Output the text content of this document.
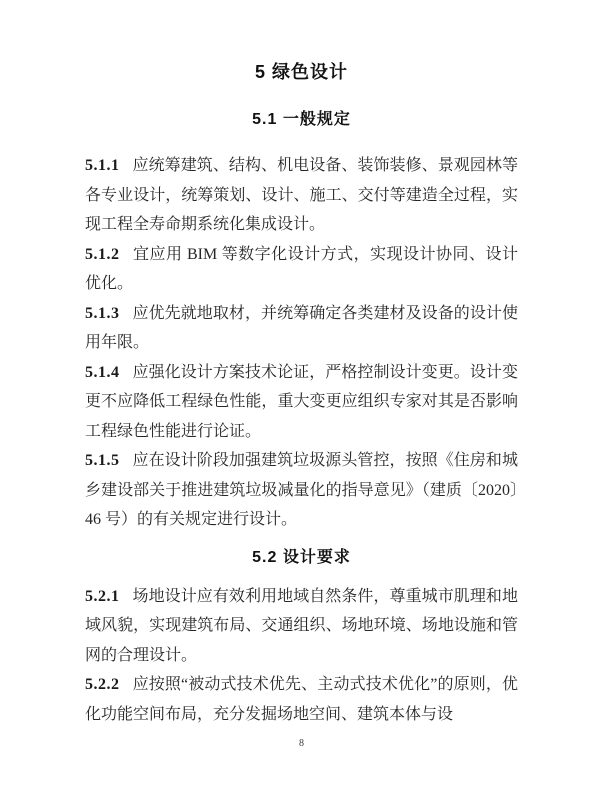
5 绿色设计
5.1 一般规定

5.1.1 应统筹建筑、结构、机电设备、装饰装修、景观园林等各专业设计，统筹策划、设计、施工、交付等建造全过程，实现工程全寿命期系统化集成设计。

5.1.2 宜应用 BIM 等数字化设计方式，实现设计协同、设计优化。

5.1.3 应优先就地取材，并统筹确定各类建材及设备的设计使用年限。

5.1.4 应强化设计方案技术论证，严格控制设计变更。设计变更不应降低工程绿色性能，重大变更应组织专家对其是否影响工程绿色性能进行论证。

5.1.5 应在设计阶段加强建筑垃圾源头管控，按照《住房和城乡建设部关于推进建筑垃圾减量化的指导意见》（建质〔2020〕46 号）的有关规定进行设计。

5.2 设计要求

5.2.1 场地设计应有效利用地域自然条件，尊重城市肌理和地域风貌，实现建筑布局、交通组织、场地环境、场地设施和管网的合理设计。

5.2.2 应按照“被动式技术优先、主动式技术优化”的原则，优化功能空间布局，充分发掘场地空间、建筑本体与设

8
